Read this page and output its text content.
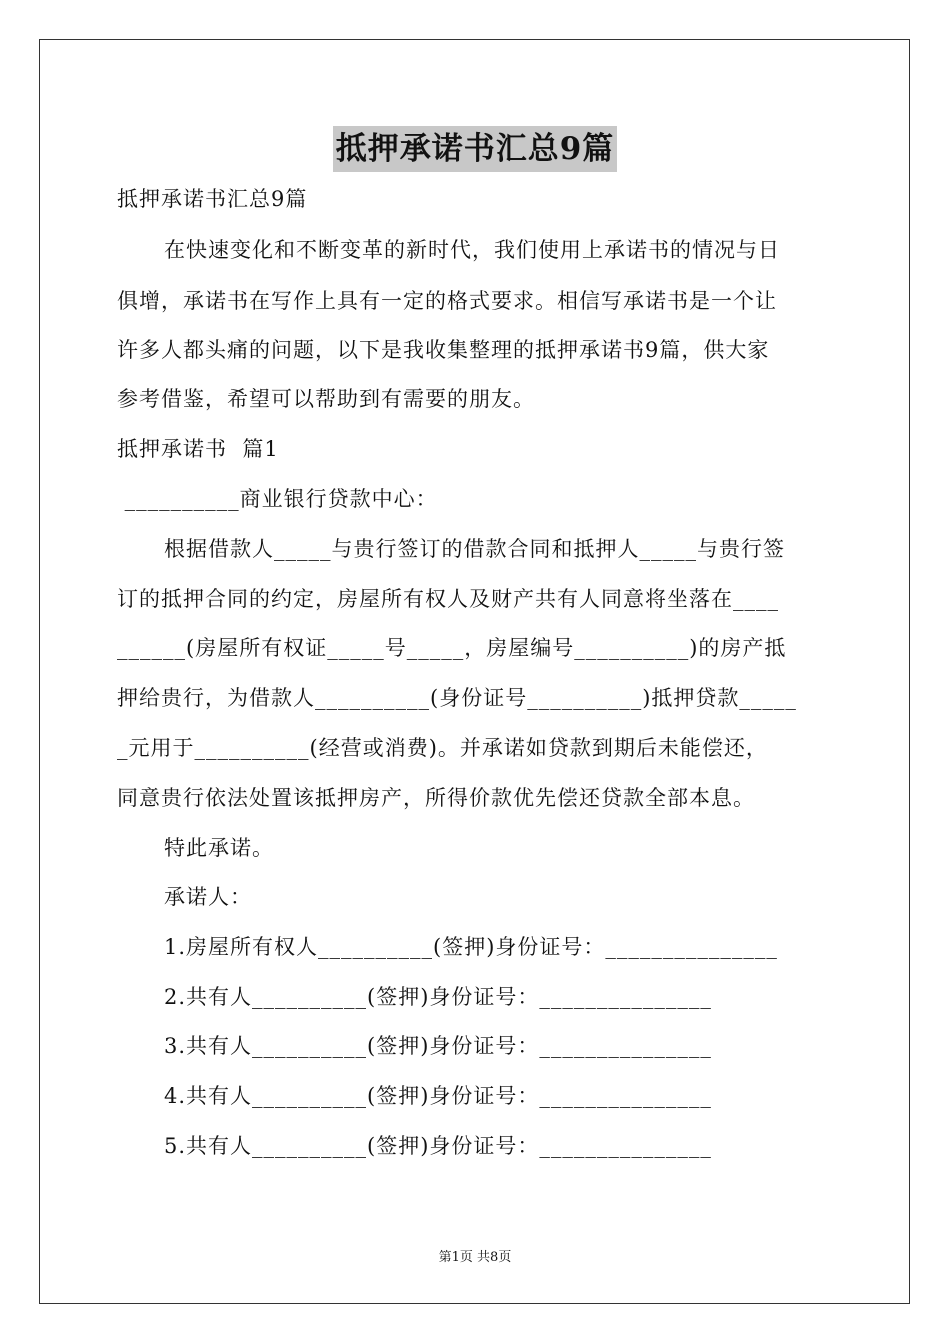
抵押承诺书汇总9篇
抵押承诺书汇总9篇
在快速变化和不断变革的新时代，我们使用上承诺书的情况与日
俱增，承诺书在写作上具有一定的格式要求。相信写承诺书是一个让
许多人都头痛的问题，以下是我收集整理的抵押承诺书9篇，供大家
参考借鉴，希望可以帮助到有需要的朋友。
抵押承诺书  篇1
__________商业银行贷款中心：
根据借款人_____与贵行签订的借款合同和抵押人_____与贵行签
订的抵押合同的约定，房屋所有权人及财产共有人同意将坐落在____
______(房屋所有权证_____号_____，房屋编号__________)的房产抵
押给贵行，为借款人__________(身份证号__________)抵押贷款_____
_元用于__________(经营或消费)。并承诺如贷款到期后未能偿还，
同意贵行依法处置该抵押房产，所得价款优先偿还贷款全部本息。
特此承诺。
承诺人：
1.房屋所有权人__________(签押)身份证号：_______________
2.共有人__________(签押)身份证号：_______________
3.共有人__________(签押)身份证号：_______________
4.共有人__________(签押)身份证号：_______________
5.共有人__________(签押)身份证号：_______________
第1页 共8页
